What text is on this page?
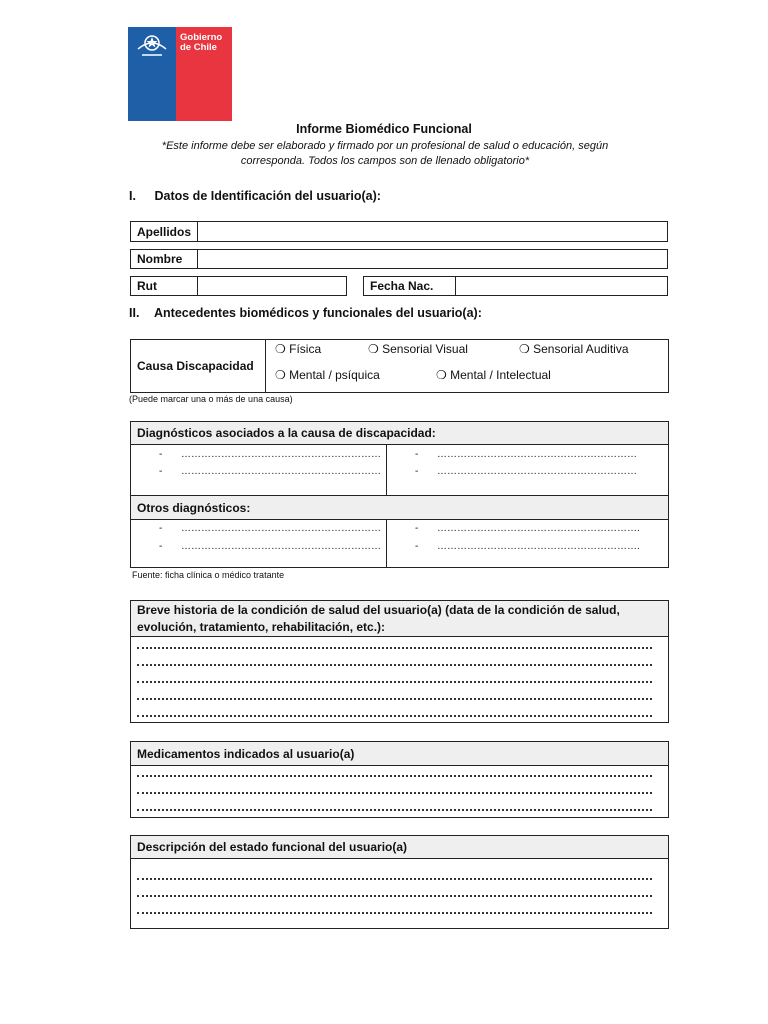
Gobierno
de Chile
Informe Biomédico Funcional
*Este informe debe ser elaborado y firmado por un profesional de salud o educación, según corresponda. Todos los campos son de llenado obligatorio*
I. Datos de Identificación del usuario(a):
Apellidos
Nombre
Rut	Fecha Nac.
II. Antecedentes biomédicos y funcionales del usuario(a):
Causa Discapacidad
❍ Física	❍ Sensorial Visual	❍ Sensorial Auditiva
❍ Mental / psíquica	❍ Mental / Intelectual
(Puede marcar una o más de una causa)
Diagnósticos asociados a la causa de discapacidad:
- ……………………………………………………
- ……………………………………………………
- ……………………………………………………
- ……………………………………………………
Otros diagnósticos:
- ……………………………………………………
- ……………………………………………………
- …………………………………………………….
- …………………………………………………….
Fuente: ficha clínica o médico tratante
Breve historia de la condición de salud del usuario(a) (data de la condición de salud, evolución, tratamiento, rehabilitación, etc.):
Medicamentos indicados al usuario(a)
Descripción del estado funcional del usuario(a)
